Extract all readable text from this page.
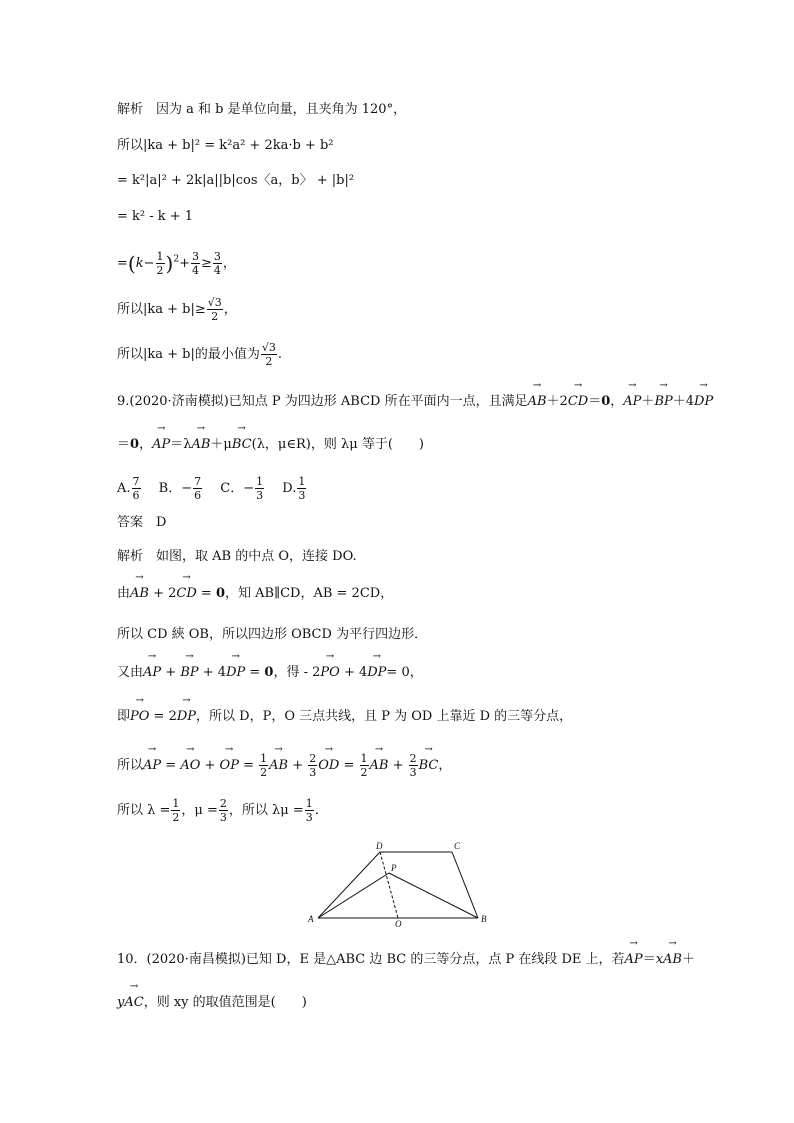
解析　 因为 a 和 b 是单位向量，且夹角为 120°，
所以|ka + b|² = k²a² + 2ka·b + b²
= k²|a|² + 2k|a||b|cos〈a，b〉 + |b|²
= k² - k + 1
$=(k- \frac{1}{2} )^2+ \frac{3}{4} \ge \frac{3}{4}$ ，
所以|ka + b|≥ √ $\frac{3}{2}$ ，
所以|ka + b|的最小值为 √ $\frac{3}{2}$ .
9.(2020·济南模拟)已知点 P 为四边形 ABCD 所在平面内一点，且满足→ AB＋2→ CD＝0，→ AP＋→ BP＋4→ DP
＝0，→ AP＝λ→ AB＋μ→ BC(λ，μ∈R)，则 λμ 等于(　　)
A. $\frac{7}{6}$
　 B．− $\frac{7}{6}$
　 C．− $\frac{1}{3}$
　 D. $\frac{1}{3}$
答案　 D
解析　 如图，取 AB 的中点 O，连接 DO.
由→ AB + 2→ CD = 0，知 AB∥CD，AB = 2CD，
所以 CD 綊 OB，所以四边形 OBCD 为平行四边形．
又由→ AP + → BP + 4→ DP = 0，得 - 2→ PO + 4→ DP= 0，
即→ PO = 2→ DP，所以 D，P，O 三点共线，且 P 为 OD 上靠近 D 的三等分点，
所以→ AP = → AO + → OP = $\frac{1}{2}$ → AB + $\frac{2}{3}$ → OD = $\frac{1}{2}$ → AB + $\frac{2}{3}$ → BC，
所以 $\lambda = \frac{1}{2}$ ，$\mu = \frac{2}{3}$ ，所以 $\lambda\mu = \frac{1}{3}$ .
A	B
C
D
P
O
10．(2020·南昌模拟)已知 D，E 是△ABC 边 BC 的三等分点，点 P 在线段 DE 上，若→ AP＝x→ AB＋
y→ AC，则 xy 的取值范围是(　　)
